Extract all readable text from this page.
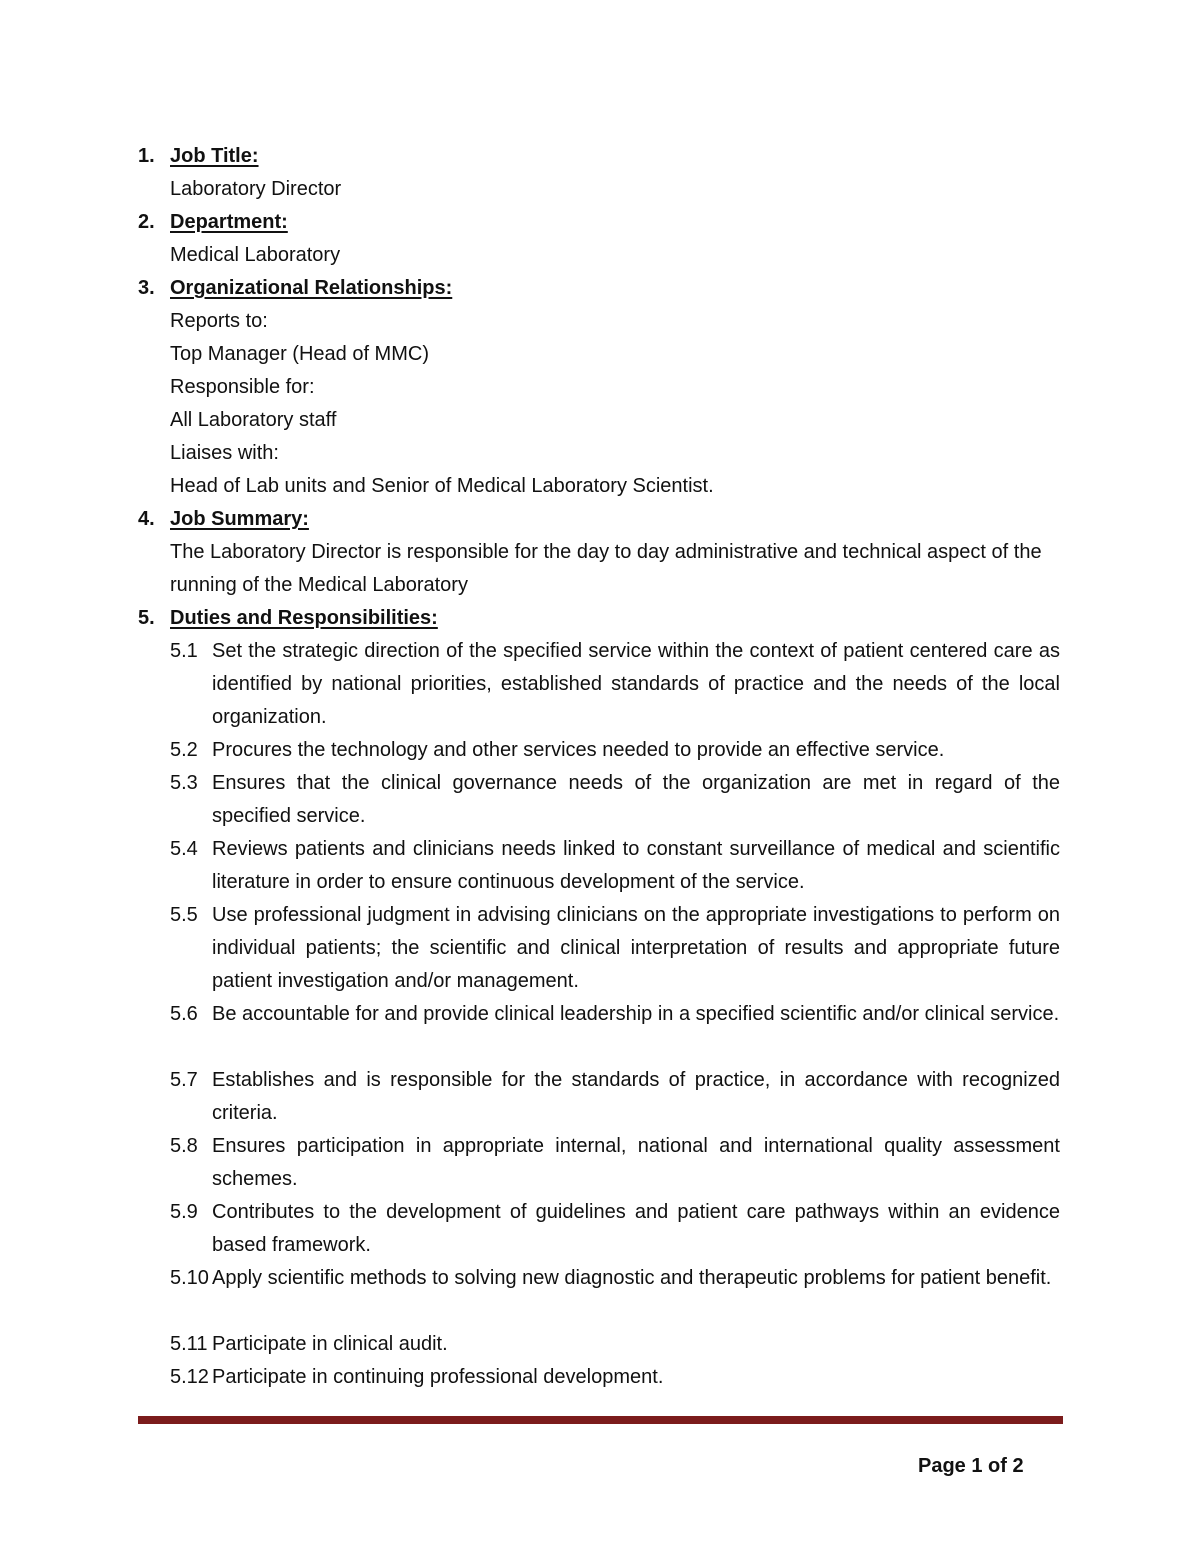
1. Job Title:
Laboratory Director
2. Department:
Medical Laboratory
3. Organizational Relationships:
Reports to:
Top Manager (Head of MMC)
Responsible for:
All Laboratory staff
Liaises with:
Head of Lab units and Senior of Medical Laboratory Scientist.
4. Job Summary:
The Laboratory Director is responsible for the day to day administrative and technical aspect of the running of the Medical Laboratory
5. Duties and Responsibilities:
5.1 Set the strategic direction of the specified service within the context of patient centered care as identified by national priorities, established standards of practice and the needs of the local organization.
5.2 Procures the technology and other services needed to provide an effective service.
5.3 Ensures that the clinical governance needs of the organization are met in regard of the specified service.
5.4 Reviews patients and clinicians needs linked to constant surveillance of medical and scientific literature in order to ensure continuous development of the service.
5.5 Use professional judgment in advising clinicians on the appropriate investigations to perform on individual patients; the scientific and clinical interpretation of results and appropriate future patient investigation and/or management.
5.6 Be accountable for and provide clinical leadership in a specified scientific and/or clinical service.
5.7 Establishes and is responsible for the standards of practice, in accordance with recognized criteria.
5.8 Ensures participation in appropriate internal, national and international quality assessment schemes.
5.9 Contributes to the development of guidelines and patient care pathways within an evidence based framework.
5.10 Apply scientific methods to solving new diagnostic and therapeutic problems for patient benefit.
5.11 Participate in clinical audit.
5.12 Participate in continuing professional development.
Page 1 of 2
